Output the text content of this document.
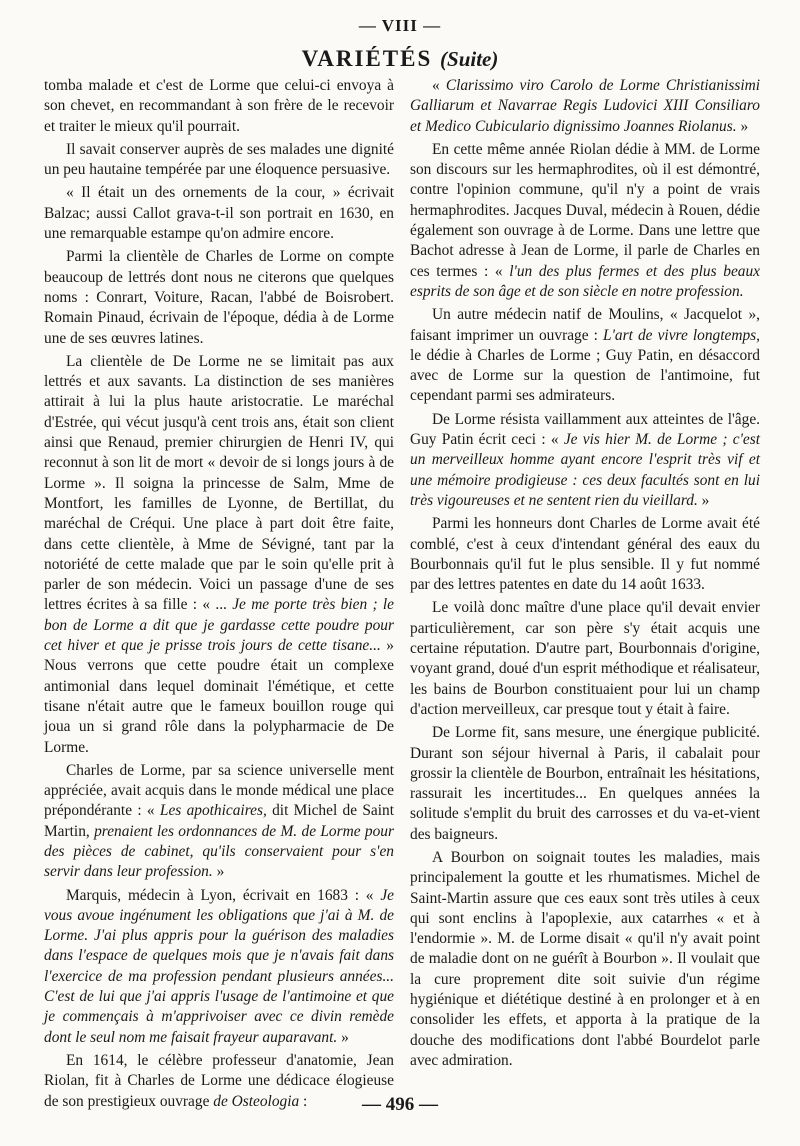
— VIII —
VARIÉTÉS (Suite)

tomba malade et c'est de Lorme que celui-ci envoya à son chevet, en recommandant à son frère de le recevoir et traiter le mieux qu'il pourrait.

Il savait conserver auprès de ses malades une dignité un peu hautaine tempérée par une éloquence persuasive.

« Il était un des ornements de la cour, » écrivait Balzac; aussi Callot grava-t-il son portrait en 1630, en une remarquable estampe qu'on admire encore.

Parmi la clientèle de Charles de Lorme on compte beaucoup de lettrés dont nous ne citerons que quelques noms : Conrart, Voiture, Racan, l'abbé de Boisrobert. Romain Pinaud, écrivain de l'époque, dédia à de Lorme une de ses œuvres latines.

La clientèle de De Lorme ne se limitait pas aux lettrés et aux savants. La distinction de ses manières attirait à lui la plus haute aristocratie. Le maréchal d'Estrée, qui vécut jusqu'à cent trois ans, était son client ainsi que Renaud, premier chirurgien de Henri IV, qui reconnut à son lit de mort « devoir de si longs jours à de Lorme ». Il soigna la princesse de Salm, Mme de Montfort, les familles de Lyonne, de Bertillat, du maréchal de Créqui. Une place à part doit être faite, dans cette clientèle, à Mme de Sévigné, tant par la notoriété de cette malade que par le soin qu'elle prit à parler de son médecin. Voici un passage d'une de ses lettres écrites à sa fille : « ... Je me porte très bien ; le bon de Lorme a dit que je gardasse cette poudre pour cet hiver et que je prisse trois jours de cette tisane... » Nous verrons que cette poudre était un complexe antimonial dans lequel dominait l'émétique, et cette tisane n'était autre que le fameux bouillon rouge qui joua un si grand rôle dans la polypharmacie de De Lorme.

Charles de Lorme, par sa science universelle ment appréciée, avait acquis dans le monde médical une place prépondérante : « Les apothicaires, dit Michel de Saint Martin, prenaient les ordonnances de M. de Lorme pour des pièces de cabinet, qu'ils conservaient pour s'en servir dans leur profession. »

Marquis, médecin à Lyon, écrivait en 1683 : « Je vous avoue ingénument les obligations que j'ai à M. de Lorme. J'ai plus appris pour la guérison des maladies dans l'espace de quelques mois que je n'avais fait dans l'exercice de ma profession pendant plusieurs années... C'est de lui que j'ai appris l'usage de l'antimoine et que je commençais à m'apprivoiser avec ce divin remède dont le seul nom me faisait frayeur auparavant. »

En 1614, le célèbre professeur d'anatomie, Jean Riolan, fit à Charles de Lorme une dédicace élogieuse de son prestigieux ouvrage de Osteologia :

« Clarissimo viro Carolo de Lorme Christianissimi Galliarum et Navarrae Regis Ludovici XIII Consiliaro et Medico Cubiculario dignissimo Joannes Riolanus. »

En cette même année Riolan dédie à MM. de Lorme son discours sur les hermaphrodites, où il est démontré, contre l'opinion commune, qu'il n'y a point de vrais hermaphrodites. Jacques Duval, médecin à Rouen, dédie également son ouvrage à de Lorme. Dans une lettre que Bachot adresse à Jean de Lorme, il parle de Charles en ces termes : « l'un des plus fermes et des plus beaux esprits de son âge et de son siècle en notre profession.

Un autre médecin natif de Moulins, « Jacquelot », faisant imprimer un ouvrage : L'art de vivre longtemps, le dédie à Charles de Lorme ; Guy Patin, en désaccord avec de Lorme sur la question de l'antimoine, fut cependant parmi ses admirateurs.

De Lorme résista vaillamment aux atteintes de l'âge. Guy Patin écrit ceci : « Je vis hier M. de Lorme ; c'est un merveilleux homme ayant encore l'esprit très vif et une mémoire prodigieuse : ces deux facultés sont en lui très vigoureuses et ne sentent rien du vieillard. »

Parmi les honneurs dont Charles de Lorme avait été comblé, c'est à ceux d'intendant général des eaux du Bourbonnais qu'il fut le plus sensible. Il y fut nommé par des lettres patentes en date du 14 août 1633.

Le voilà donc maître d'une place qu'il devait envier particulièrement, car son père s'y était acquis une certaine réputation. D'autre part, Bourbonnais d'origine, voyant grand, doué d'un esprit méthodique et réalisateur, les bains de Bourbon constituaient pour lui un champ d'action merveilleux, car presque tout y était à faire.

De Lorme fit, sans mesure, une énergique publicité. Durant son séjour hivernal à Paris, il cabalait pour grossir la clientèle de Bourbon, entraînait les hésitations, rassurait les incertitudes... En quelques années la solitude s'emplit du bruit des carrosses et du va-et-vient des baigneurs.

A Bourbon on soignait toutes les maladies, mais principalement la goutte et les rhumatismes. Michel de Saint-Martin assure que ces eaux sont très utiles à ceux qui sont enclins à l'apoplexie, aux catarrhes « et à l'endormie ». M. de Lorme disait « qu'il n'y avait point de maladie dont on ne guérît à Bourbon ». Il voulait que la cure proprement dite soit suivie d'un régime hygiénique et diététique destiné à en prolonger et à en consolider les effets, et apporta à la pratique de la douche des modifications dont l'abbé Bourdelot parle avec admiration.

— 496 —
